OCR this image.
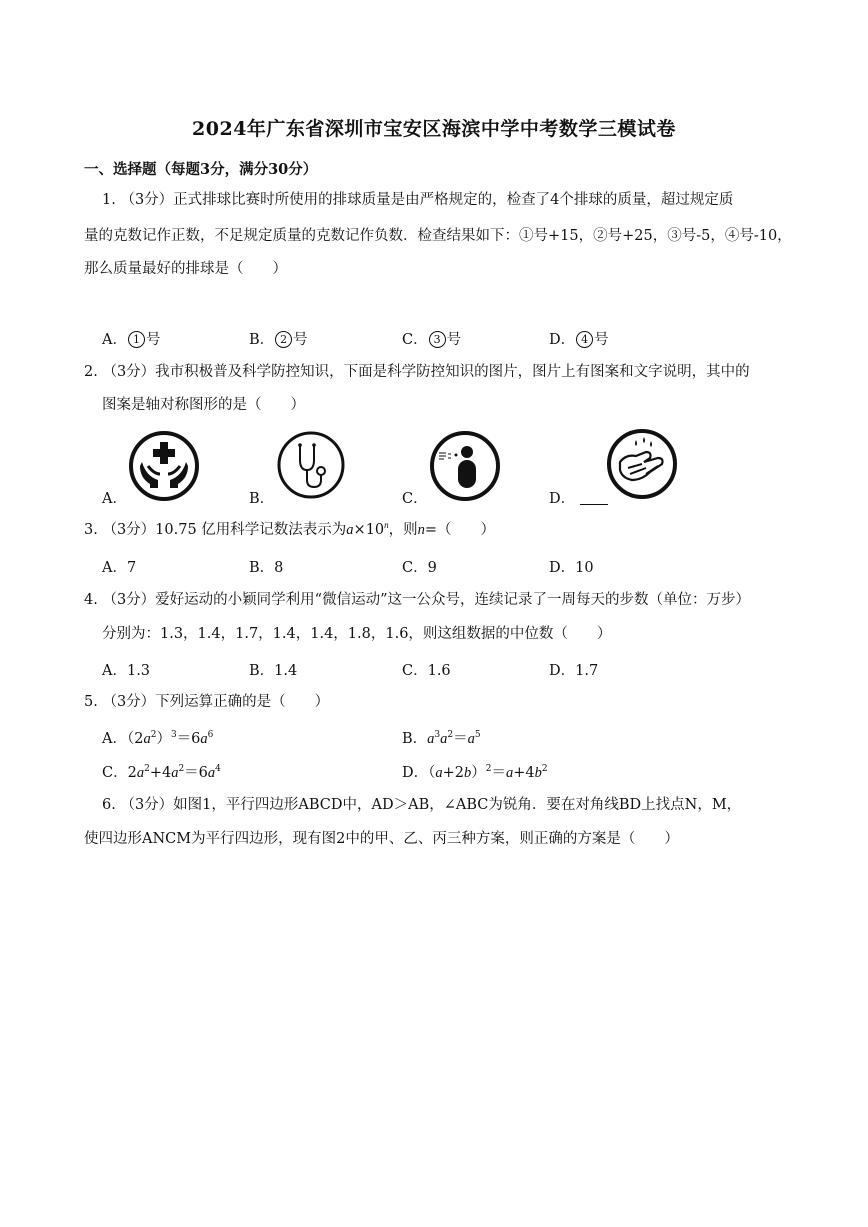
2024年广东省深圳市宝安区海滨中学中考数学三模试卷
一、选择题（每题3分，满分30分）
1. （3分）正式排球比赛时所使用的排球质量是由严格规定的，检查了4个排球的质量，超过规定质
量的克数记作正数，不足规定质量的克数记作负数．检查结果如下：①号+15，②号+25，③号-5，④号-10，
那么质量最好的排球是（　　）
A． 1 号	B． 2 号	C． 3 号	D． 4 号
2. （3分）我市积极普及科学防控知识，下面是科学防控知识的图片，图片上有图案和文字说明，其中的
图案是轴对称图形的是（　　）
A．	B．	C．	D．
3. （3分）10.75 亿用科学记数法表示为$a\times 10^n$，则n=（　　）
A．7	B．8	C．9	D．10
4. （3分）爱好运动的小颖同学利用“微信运动”这一公众号，连续记录了一周每天的步数（单位：万步）
分别为：1.3，1.4，1.7，1.4，1.4，1.8，1.6，则这组数据的中位数（　　）
A．1.3	B．1.4	C．1.6	D．1.7
5. （3分）下列运算正确的是（　　）
A．$(2a^2)^3=6a^6$	B．$a^3a^2=a^5$
C．$2a^2+4a^2=6a^4$	D．$(a+2b)^2=a+4b^2$
6. （3分）如图1，平行四边形ABCD中，AD＞AB，∠ABC为锐角．要在对角线BD上找点N，M，
使四边形ANCM为平行四边形，现有图2中的甲、乙、丙三种方案，则正确的方案是（　　）
